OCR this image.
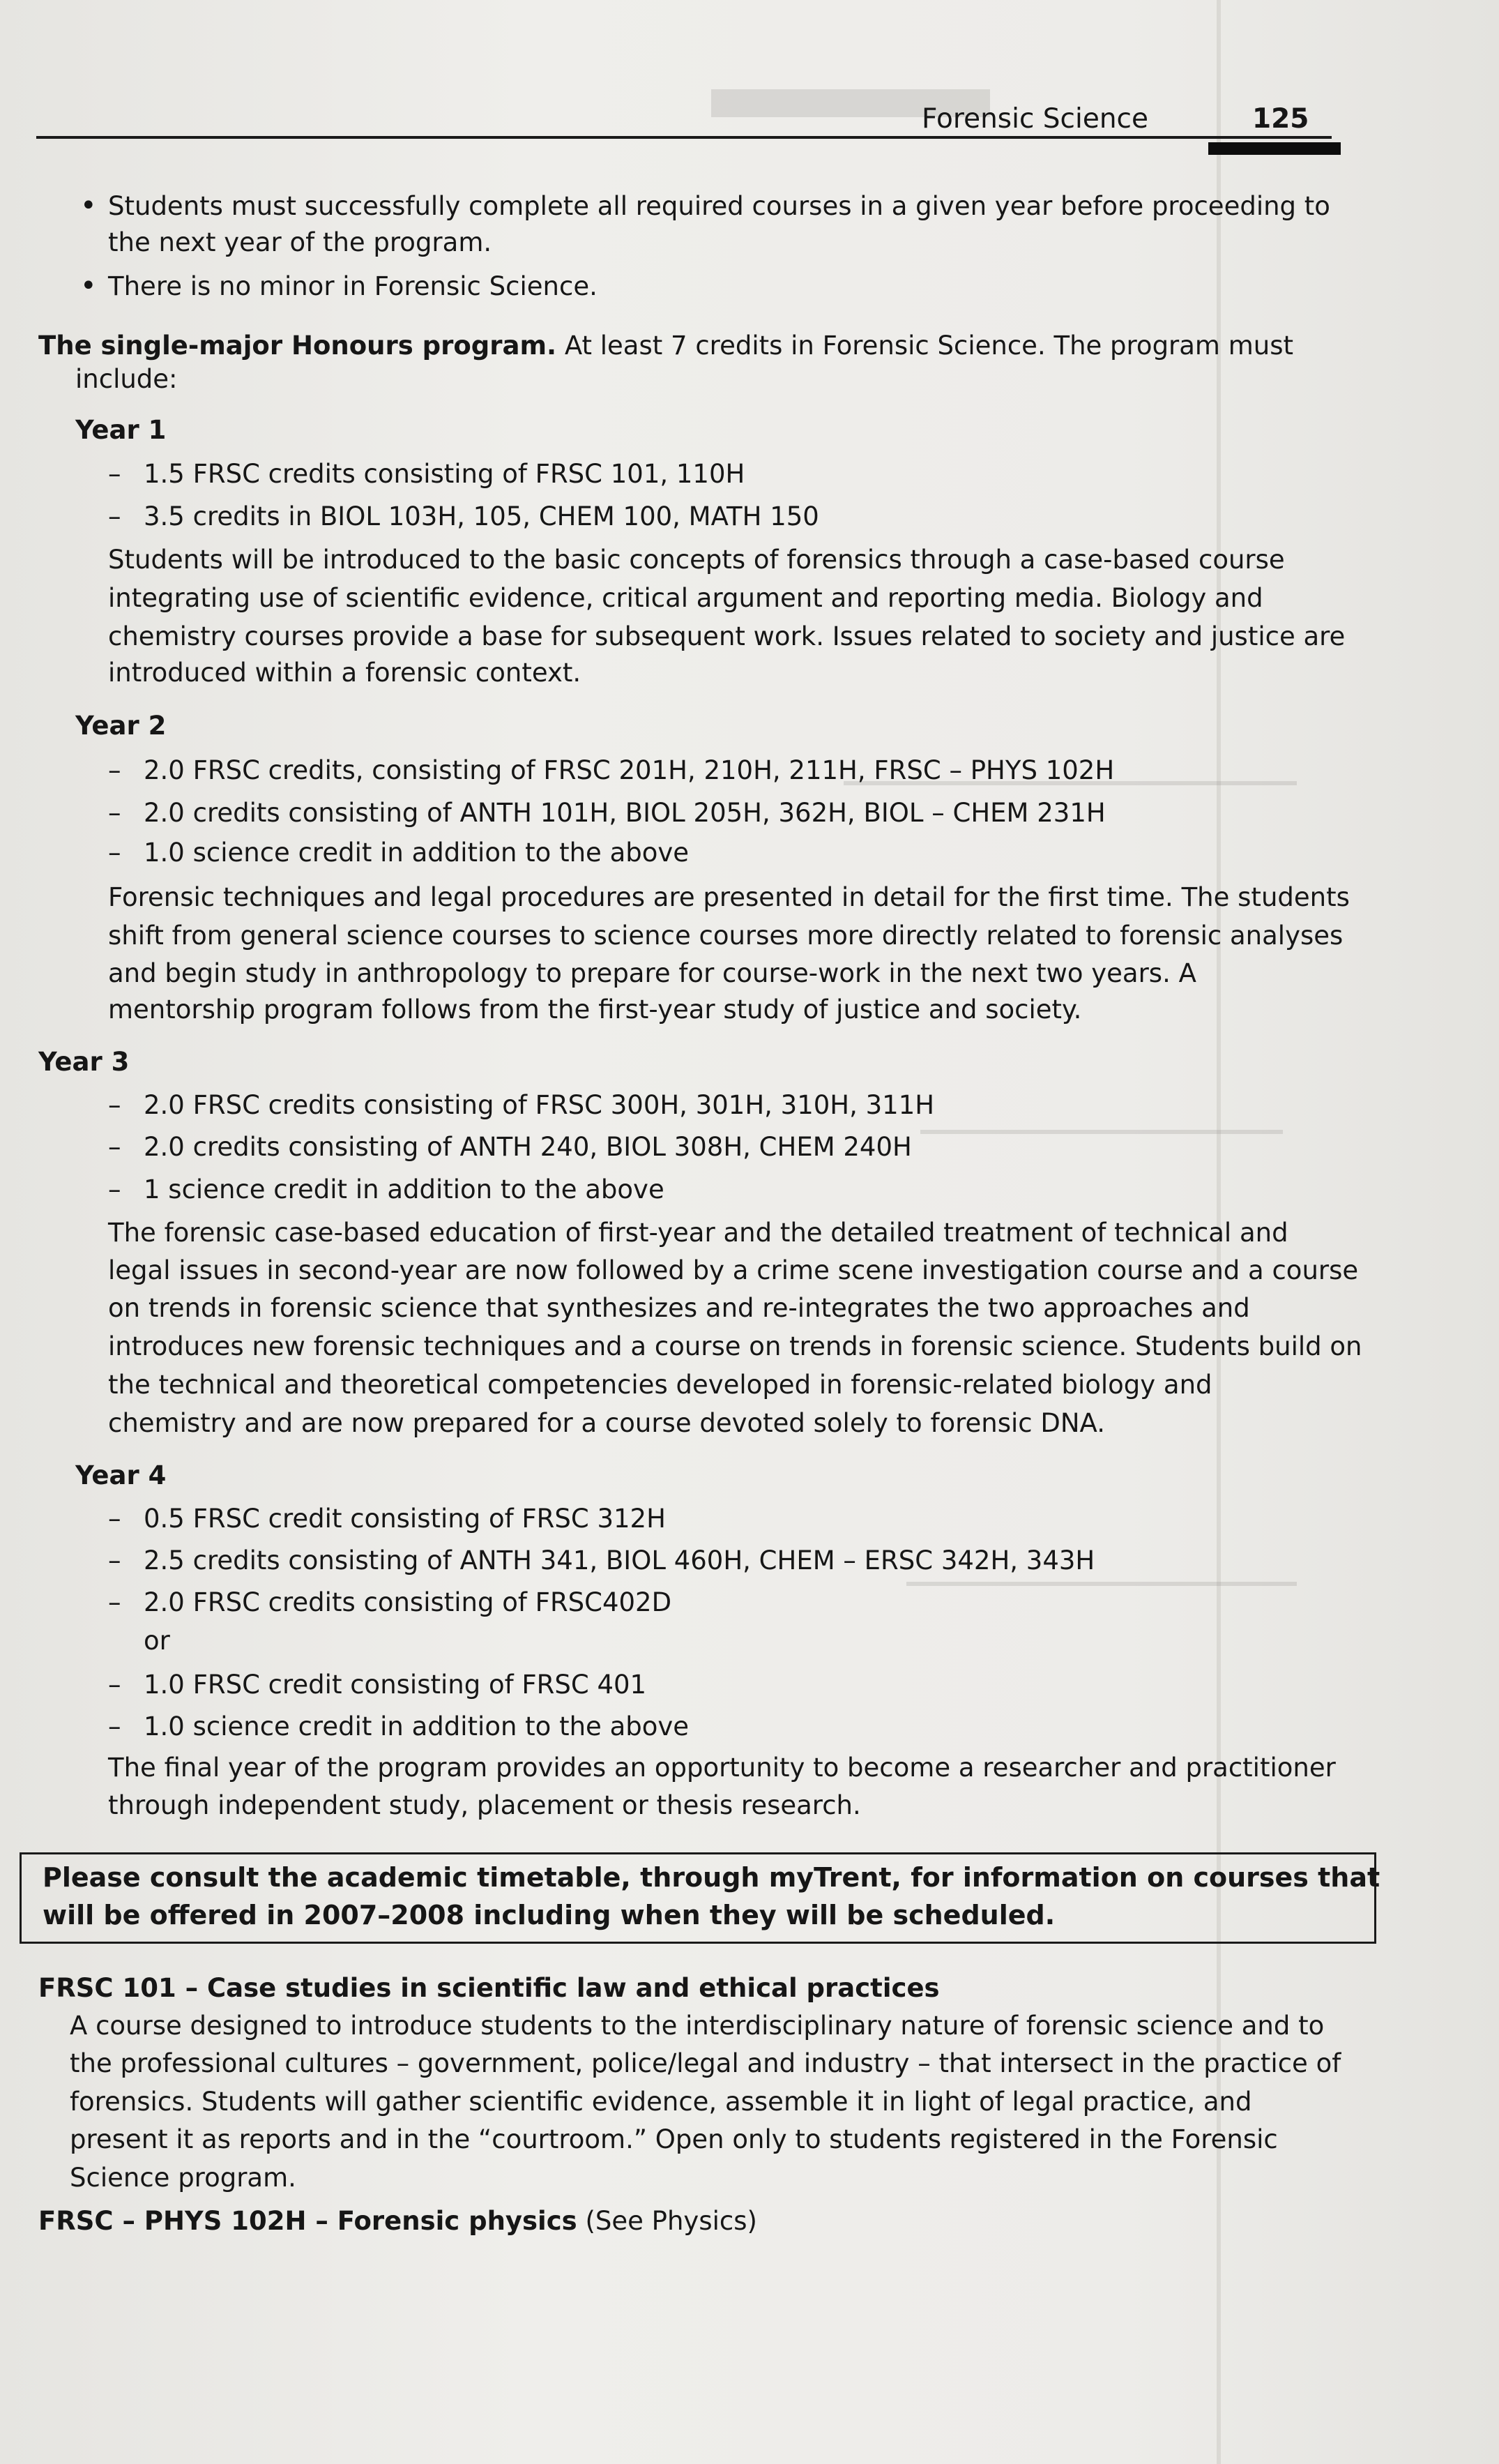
Forensic Science	125
• Students must successfully complete all required courses in a given year before proceeding to
the next year of the program.
• There is no minor in Forensic Science.
The single-major Honours program. At least 7 credits in Forensic Science. The program must
include:
Year 1
– 1.5 FRSC credits consisting of FRSC 101, 110H
– 3.5 credits in BIOL 103H, 105, CHEM 100, MATH 150
Students will be introduced to the basic concepts of forensics through a case-based course
integrating use of scientific evidence, critical argument and reporting media. Biology and
chemistry courses provide a base for subsequent work. Issues related to society and justice are
introduced within a forensic context.
Year 2
– 2.0 FRSC credits, consisting of FRSC 201H, 210H, 211H, FRSC – PHYS 102H
– 2.0 credits consisting of ANTH 101H, BIOL 205H, 362H, BIOL – CHEM 231H
– 1.0 science credit in addition to the above
Forensic techniques and legal procedures are presented in detail for the first time. The students
shift from general science courses to science courses more directly related to forensic analyses
and begin study in anthropology to prepare for course-work in the next two years. A
mentorship program follows from the first-year study of justice and society.
Year 3
– 2.0 FRSC credits consisting of FRSC 300H, 301H, 310H, 311H
– 2.0 credits consisting of ANTH 240, BIOL 308H, CHEM 240H
– 1 science credit in addition to the above
The forensic case-based education of first-year and the detailed treatment of technical and
legal issues in second-year are now followed by a crime scene investigation course and a course
on trends in forensic science that synthesizes and re-integrates the two approaches and
introduces new forensic techniques and a course on trends in forensic science. Students build on
the technical and theoretical competencies developed in forensic-related biology and
chemistry and are now prepared for a course devoted solely to forensic DNA.
Year 4
– 0.5 FRSC credit consisting of FRSC 312H
– 2.5 credits consisting of ANTH 341, BIOL 460H, CHEM – ERSC 342H, 343H
– 2.0 FRSC credits consisting of FRSC402D
or
– 1.0 FRSC credit consisting of FRSC 401
– 1.0 science credit in addition to the above
The final year of the program provides an opportunity to become a researcher and practitioner
through independent study, placement or thesis research.
Please consult the academic timetable, through myTrent, for information on courses that
will be offered in 2007–2008 including when they will be scheduled.
FRSC 101 – Case studies in scientific law and ethical practices
A course designed to introduce students to the interdisciplinary nature of forensic science and to
the professional cultures – government, police/legal and industry – that intersect in the practice of
forensics. Students will gather scientific evidence, assemble it in light of legal practice, and
present it as reports and in the “courtroom.” Open only to students registered in the Forensic
Science program.
FRSC – PHYS 102H – Forensic physics (See Physics)
